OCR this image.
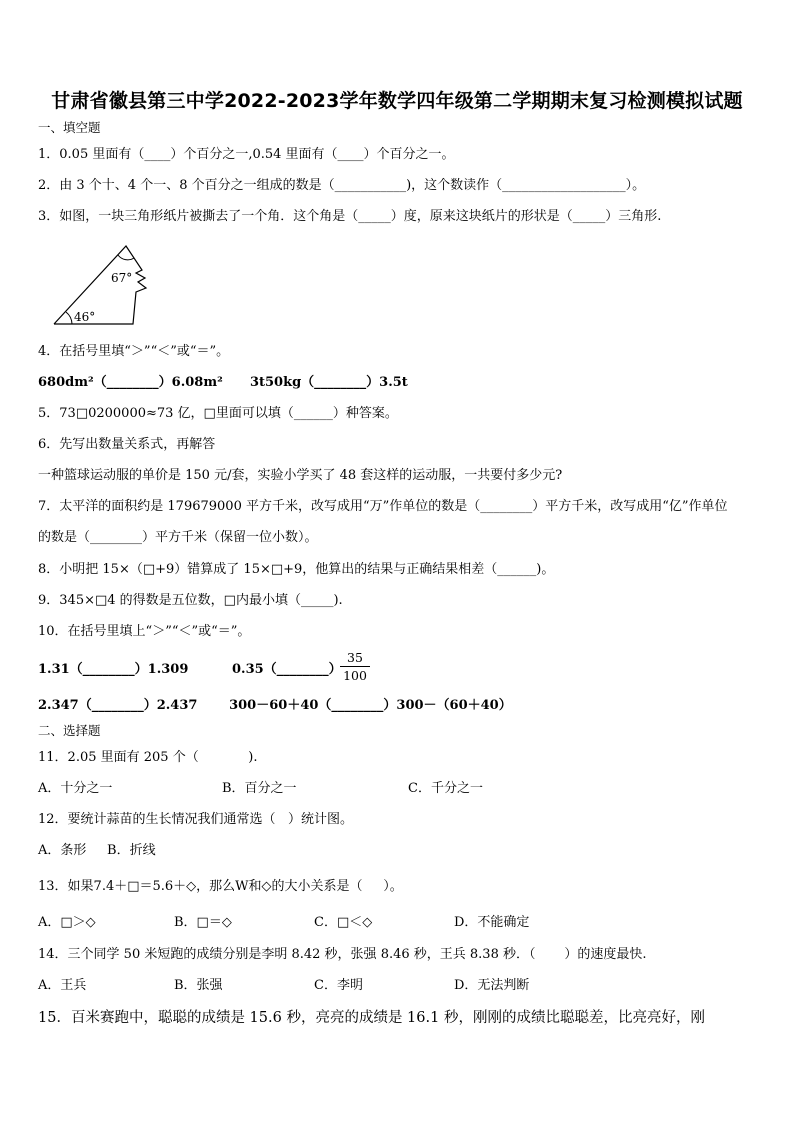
甘肃省徽县第三中学2022-2023学年数学四年级第二学期期末复习检测模拟试题
一、填空题
1．0.05 里面有（____）个百分之一,0.54 里面有（____）个百分之一。
2．由 3 个十、4 个一、8 个百分之一组成的数是（___________)，这个数读作（___________________）。
3．如图，一块三角形纸片被撕去了一个角．这个角是（_____）度，原来这块纸片的形状是（_____）三角形.
67°
46°
4．在括号里填“＞”“＜”或“＝”。
680dm²（________）6.08m²      3t50kg（________）3.5t
5．73□0200000≈73 亿，□里面可以填（______）种答案。
6．先写出数量关系式，再解答
一种篮球运动服的单价是 150 元/套，实验小学买了 48 套这样的运动服，一共要付多少元?
7．太平洋的面积约是 179679000 平方千米，改写成用“万”作单位的数是（________）平方千米，改写成用“亿”作单位
的数是（________）平方千米（保留一位小数）。
8．小明把 15×（□+9）错算成了 15×□+9，他算出的结果与正确结果相差（______)。
9．345×□4 的得数是五位数，□内最小填（_____).
10．在括号里填上“＞”“＜”或“＝”。
1.31（________）1.309	0.35（________）
$\frac{35}{100}$
2.347（________）2.437       300－60＋40（________）300－（60＋40）
二、选择题
11．2.05 里面有 205 个（            ).
A．十分之一	B．百分之一	C．千分之一
12．要统计蒜苗的生长情况我们通常选（   ）统计图。
A．条形     B．折线
13．如果7.4＋□＝5.6＋◇，那么W和◇的大小关系是（     ）。
A．□＞◇	B．□＝◇	C．□＜◇	D．不能确定
14．三个同学 50 米短跑的成绩分别是李明 8.42 秒，张强 8.46 秒，王兵 8.38 秒．（       ）的速度最快.
A．王兵	B．张强	C．李明	D．无法判断
15．百米赛跑中，聪聪的成绩是 15.6 秒，亮亮的成绩是 16.1 秒，刚刚的成绩比聪聪差，比亮亮好，刚
